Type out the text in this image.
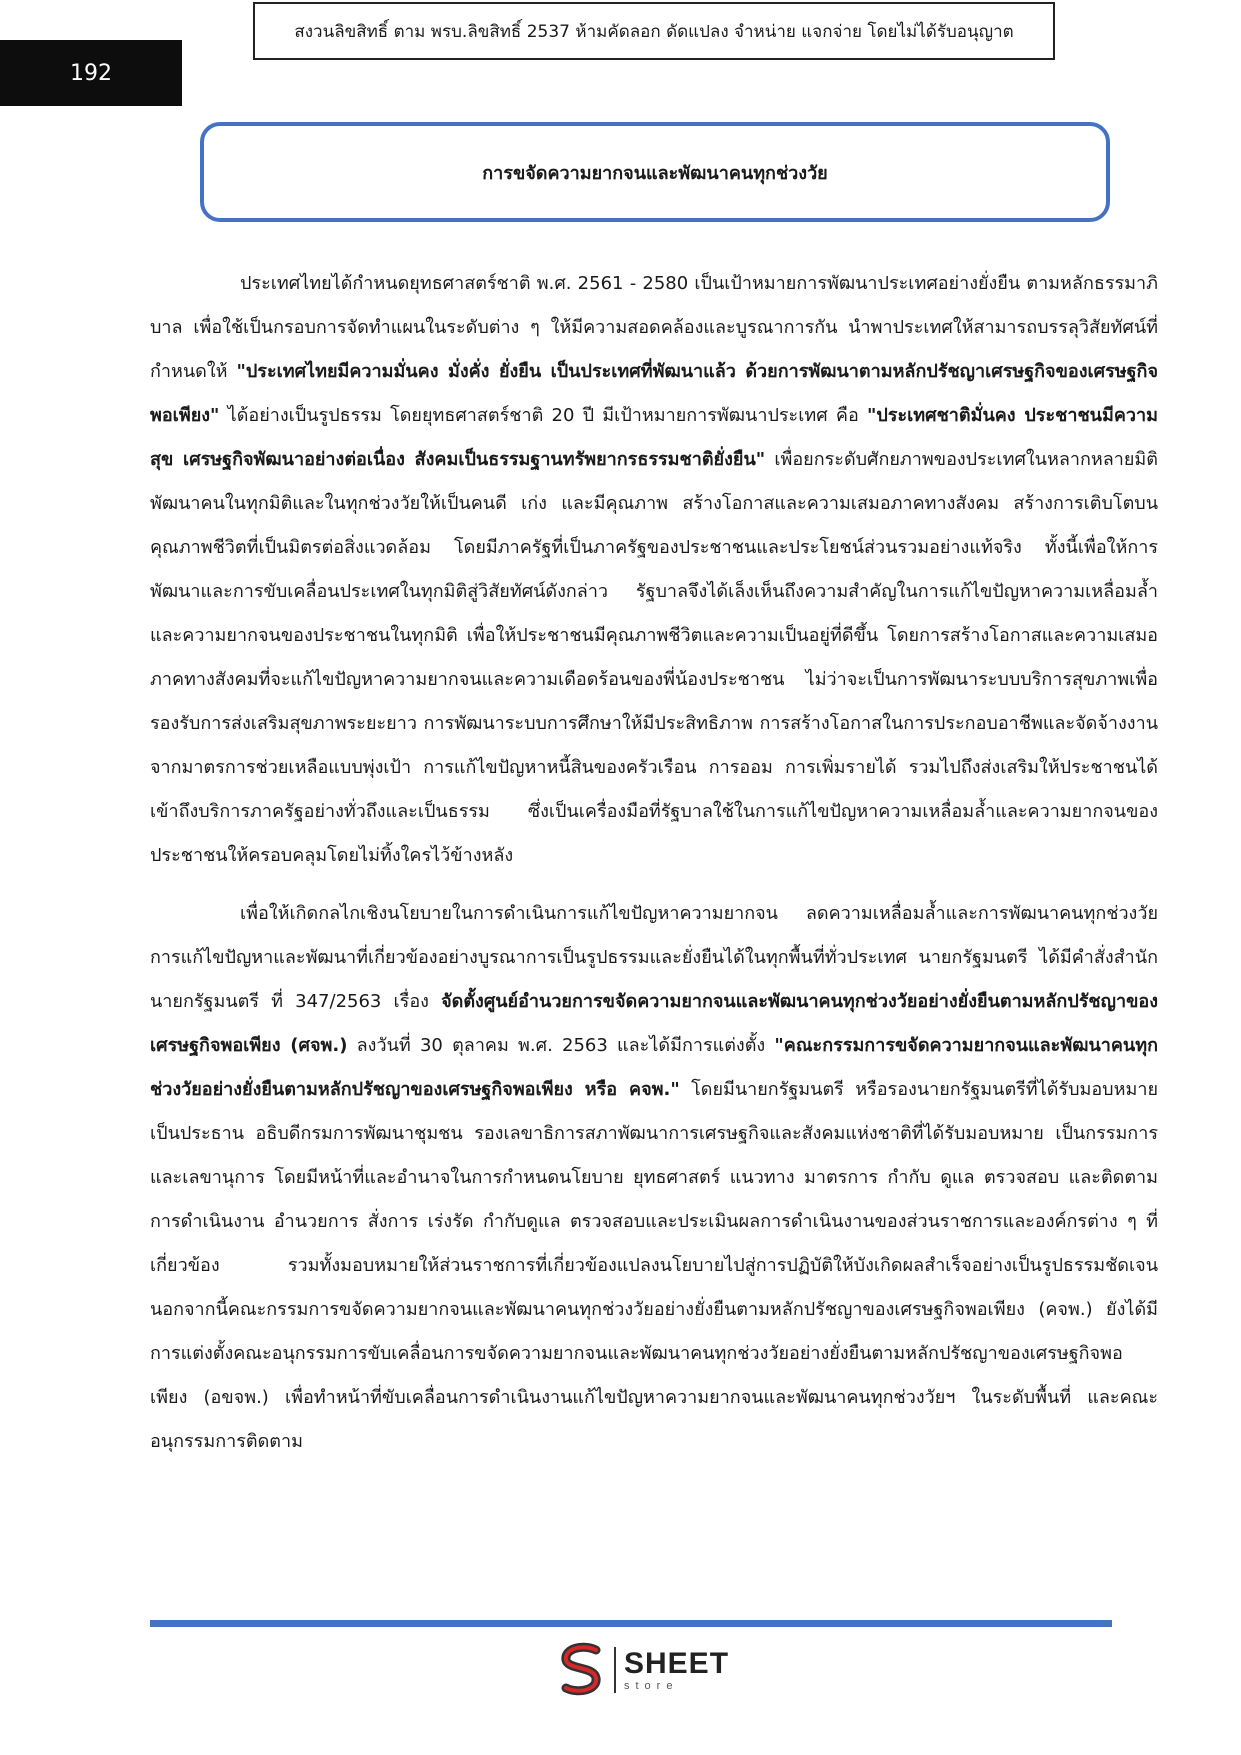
192
สงวนลิขสิทธิ์ ตาม พรบ.ลิขสิทธิ์ 2537 ห้ามคัดลอก ดัดแปลง จำหน่าย แจกจ่าย โดยไม่ได้รับอนุญาต
การขจัดความยากจนและพัฒนาคนทุกช่วงวัย

ประเทศไทยได้กำหนดยุทธศาสตร์ชาติ พ.ศ. 2561 - 2580 เป็นเป้าหมายการพัฒนาประเทศอย่างยั่งยืน ตามหลักธรรมาภิบาล เพื่อใช้เป็นกรอบการจัดทำแผนในระดับต่าง ๆ ให้มีความสอดคล้องและบูรณาการกัน นำพาประเทศให้สามารถบรรลุวิสัยทัศน์ที่กำหนดให้ "ประเทศไทยมีความมั่นคง มั่งคั่ง ยั่งยืน เป็นประเทศที่พัฒนาแล้ว ด้วยการพัฒนาตามหลักปรัชญาเศรษฐกิจของเศรษฐกิจพอเพียง" ได้อย่างเป็นรูปธรรม โดยยุทธศาสตร์ชาติ 20 ปี มีเป้าหมายการพัฒนาประเทศ คือ "ประเทศชาติมั่นคง ประชาชนมีความสุข เศรษฐกิจพัฒนาอย่างต่อเนื่อง สังคมเป็นธรรมฐานทรัพยากรธรรมชาติยั่งยืน" เพื่อยกระดับศักยภาพของประเทศในหลากหลายมิติ พัฒนาคนในทุกมิติและในทุกช่วงวัยให้เป็นคนดี เก่ง และมีคุณภาพ สร้างโอกาสและความเสมอภาคทางสังคม สร้างการเติบโตบนคุณภาพชีวิตที่เป็นมิตรต่อสิ่งแวดล้อม โดยมีภาครัฐที่เป็นภาครัฐของประชาชนและประโยชน์ส่วนรวมอย่างแท้จริง ทั้งนี้เพื่อให้การพัฒนาและการขับเคลื่อนประเทศในทุกมิติสู่วิสัยทัศน์ดังกล่าว รัฐบาลจึงได้เล็งเห็นถึงความสำคัญในการแก้ไขปัญหาความเหลื่อมล้ำและความยากจนของประชาชนในทุกมิติ เพื่อให้ประชาชนมีคุณภาพชีวิตและความเป็นอยู่ที่ดีขึ้น โดยการสร้างโอกาสและความเสมอภาคทางสังคมที่จะแก้ไขปัญหาความยากจนและความเดือดร้อนของพี่น้องประชาชน ไม่ว่าจะเป็นการพัฒนาระบบบริการสุขภาพเพื่อรองรับการส่งเสริมสุขภาพระยะยาว การพัฒนาระบบการศึกษาให้มีประสิทธิภาพ การสร้างโอกาสในการประกอบอาชีพและจัดจ้างงานจากมาตรการช่วยเหลือแบบพุ่งเป้า การแก้ไขปัญหาหนี้สินของครัวเรือน การออม การเพิ่มรายได้ รวมไปถึงส่งเสริมให้ประชาชนได้เข้าถึงบริการภาครัฐอย่างทั่วถึงและเป็นธรรม ซึ่งเป็นเครื่องมือที่รัฐบาลใช้ในการแก้ไขปัญหาความเหลื่อมล้ำและความยากจนของประชาชนให้ครอบคลุมโดยไม่ทิ้งใครไว้ข้างหลัง

เพื่อให้เกิดกลไกเชิงนโยบายในการดำเนินการแก้ไขปัญหาความยากจน ลดความเหลื่อมล้ำและการพัฒนาคนทุกช่วงวัย การแก้ไขปัญหาและพัฒนาที่เกี่ยวข้องอย่างบูรณาการเป็นรูปธรรมและยั่งยืนได้ในทุกพื้นที่ทั่วประเทศ นายกรัฐมนตรี ได้มีคำสั่งสำนักนายกรัฐมนตรี ที่ 347/2563 เรื่อง จัดตั้งศูนย์อำนวยการขจัดความยากจนและพัฒนาคนทุกช่วงวัยอย่างยั่งยืนตามหลักปรัชญาของเศรษฐกิจพอเพียง (ศจพ.) ลงวันที่ 30 ตุลาคม พ.ศ. 2563 และได้มีการแต่งตั้ง "คณะกรรมการขจัดความยากจนและพัฒนาคนทุกช่วงวัยอย่างยั่งยืนตามหลักปรัชญาของเศรษฐกิจพอเพียง หรือ คจพ." โดยมีนายกรัฐมนตรี หรือรองนายกรัฐมนตรีที่ได้รับมอบหมายเป็นประธาน อธิบดีกรมการพัฒนาชุมชน รองเลขาธิการสภาพัฒนาการเศรษฐกิจและสังคมแห่งชาติที่ได้รับมอบหมาย เป็นกรรมการและเลขานุการ โดยมีหน้าที่และอำนาจในการกำหนดนโยบาย ยุทธศาสตร์ แนวทาง มาตรการ กำกับ ดูแล ตรวจสอบ และติดตามการดำเนินงาน อำนวยการ สั่งการ เร่งรัด กำกับดูแล ตรวจสอบและประเมินผลการดำเนินงานของส่วนราชการและองค์กรต่าง ๆ ที่เกี่ยวข้อง รวมทั้งมอบหมายให้ส่วนราชการที่เกี่ยวข้องแปลงนโยบายไปสู่การปฏิบัติให้บังเกิดผลสำเร็จอย่างเป็นรูปธรรมชัดเจน นอกจากนี้คณะกรรมการขจัดความยากจนและพัฒนาคนทุกช่วงวัยอย่างยั่งยืนตามหลักปรัชญาของเศรษฐกิจพอเพียง (คจพ.) ยังได้มีการแต่งตั้งคณะอนุกรรมการขับเคลื่อนการขจัดความยากจนและพัฒนาคนทุกช่วงวัยอย่างยั่งยืนตามหลักปรัชญาของเศรษฐกิจพอเพียง (อขจพ.) เพื่อทำหน้าที่ขับเคลื่อนการดำเนินงานแก้ไขปัญหาความยากจนและพัฒนาคนทุกช่วงวัยฯ ในระดับพื้นที่ และคณะอนุกรรมการติดตาม

SHEET
store
